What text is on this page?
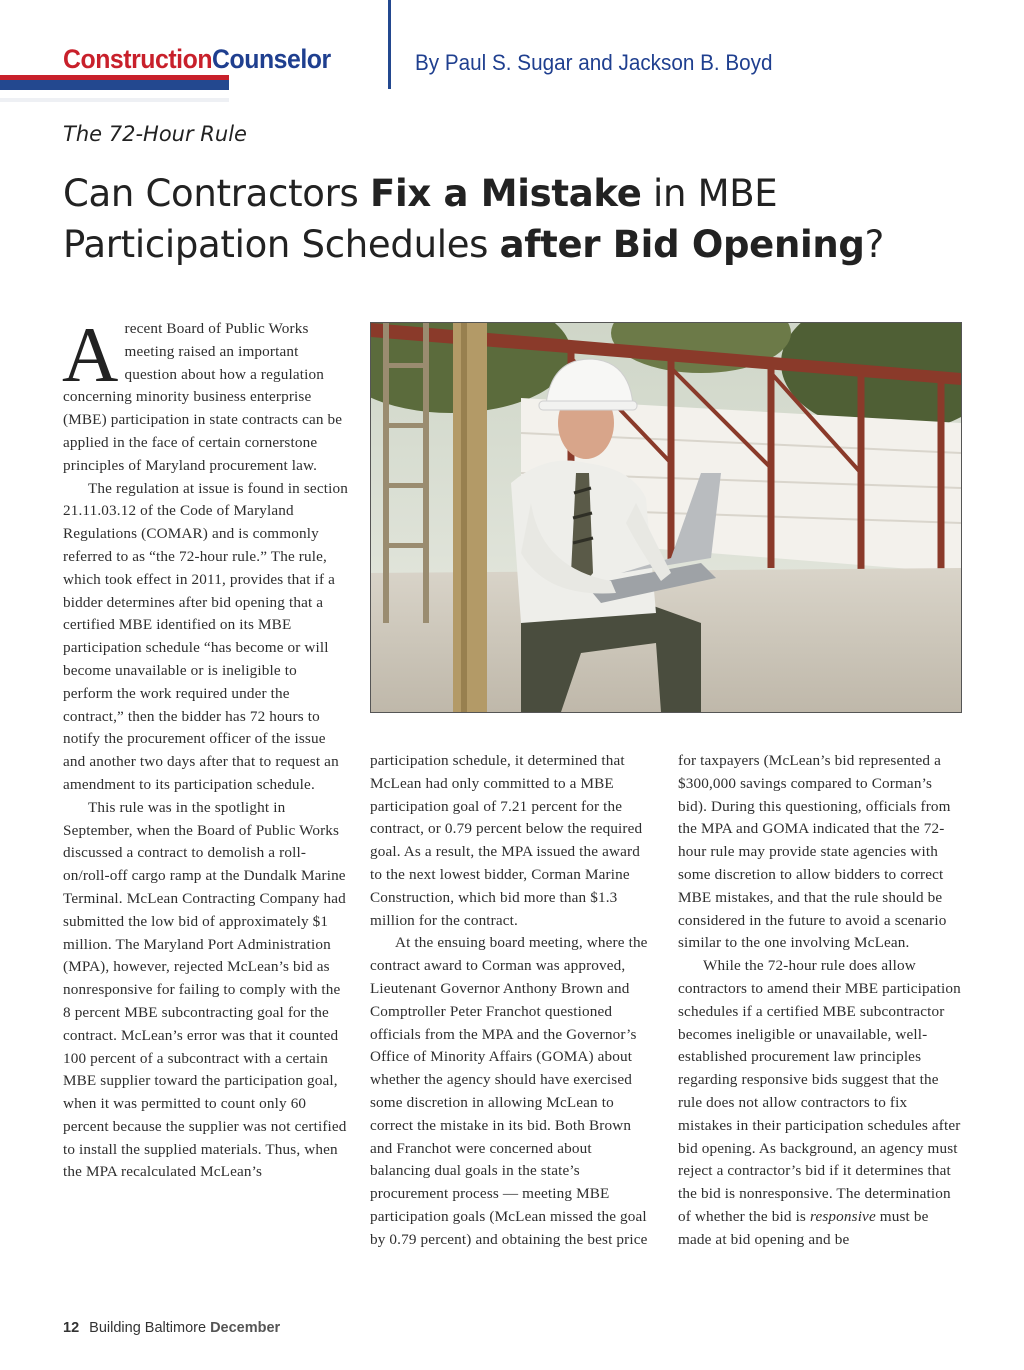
ConstructionCounselor	By Paul S. Sugar and Jackson B. Boyd
The 72-Hour Rule
Can Contractors Fix a Mistake in MBE Participation Schedules after Bid Opening?
A recent Board of Public Works meeting raised an important question about how a regulation concerning minority business enterprise (MBE) participation in state contracts can be applied in the face of certain cornerstone principles of Maryland procurement law.

The regulation at issue is found in section 21.11.03.12 of the Code of Maryland Regulations (COMAR) and is commonly referred to as “the 72-hour rule.” The rule, which took effect in 2011, provides that if a bidder determines after bid opening that a certified MBE identified on its MBE participation schedule “has become or will become unavailable or is ineligible to perform the work required under the contract,” then the bidder has 72 hours to notify the procurement officer of the issue and another two days after that to request an amendment to its participation schedule.

This rule was in the spotlight in September, when the Board of Public Works discussed a contract to demolish a roll-on/roll-off cargo ramp at the Dundalk Marine Terminal. McLean Contracting Company had submitted the low bid of approximately $1 million. The Maryland Port Administration (MPA), however, rejected McLean’s bid as nonresponsive for failing to comply with the 8 percent MBE subcontracting goal for the contract. McLean’s error was that it counted 100 percent of a subcontract with a certain MBE supplier toward the participation goal, when it was permitted to count only 60 percent because the supplier was not certified to install the supplied materials. Thus, when the MPA recalculated McLean’s

participation schedule, it determined that McLean had only committed to a MBE participation goal of 7.21 percent for the contract, or 0.79 percent below the required goal. As a result, the MPA issued the award to the next lowest bidder, Corman Marine Construction, which bid more than $1.3 million for the contract.

At the ensuing board meeting, where the contract award to Corman was approved, Lieutenant Governor Anthony Brown and Comptroller Peter Franchot questioned officials from the MPA and the Governor’s Office of Minority Affairs (GOMA) about whether the agency should have exercised some discretion in allowing McLean to correct the mistake in its bid. Both Brown and Franchot were concerned about balancing dual goals in the state’s procurement process — meeting MBE participation goals (McLean missed the goal by 0.79 percent) and obtaining the best price

for taxpayers (McLean’s bid represented a $300,000 savings compared to Corman’s bid). During this questioning, officials from the MPA and GOMA indicated that the 72-hour rule may provide state agencies with some discretion to allow bidders to correct MBE mistakes, and that the rule should be considered in the future to avoid a scenario similar to the one involving McLean.

While the 72-hour rule does allow contractors to amend their MBE participation schedules if a certified MBE subcontractor becomes ineligible or unavailable, well-established procurement law principles regarding responsive bids suggest that the rule does not allow contractors to fix mistakes in their participation schedules after bid opening. As background, an agency must reject a contractor’s bid if it determines that the bid is nonresponsive. The determination of whether the bid is responsive must be made at bid opening and be

12 Building Baltimore December
